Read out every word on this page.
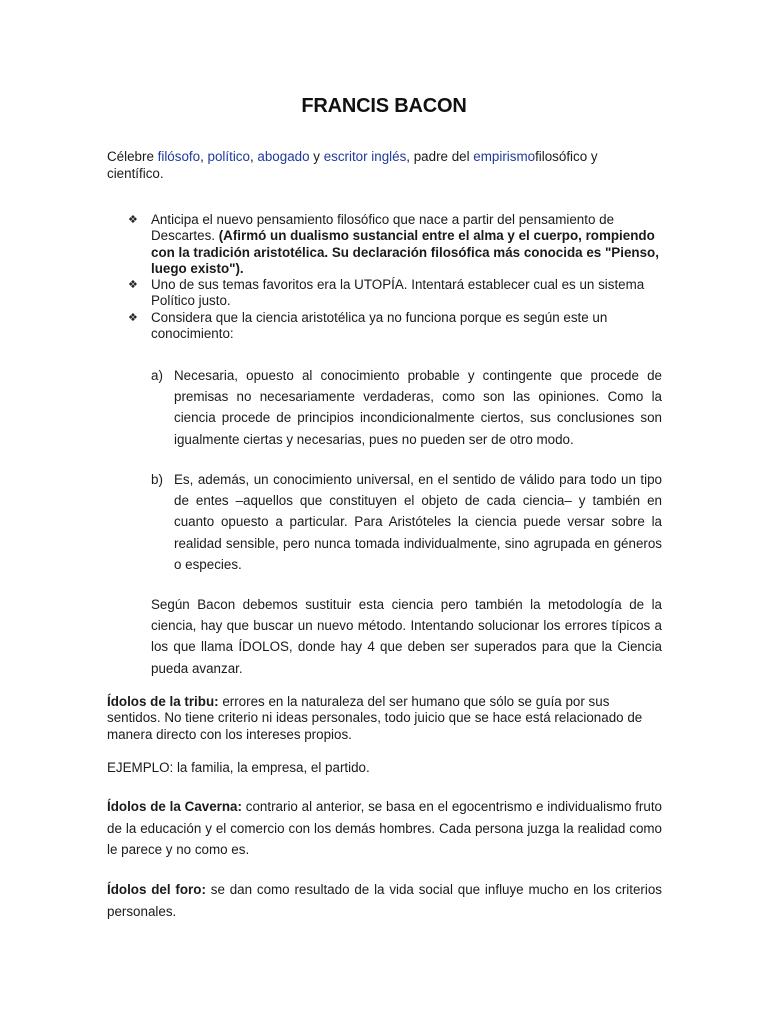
FRANCIS BACON
Célebre filósofo, político, abogado y escritor inglés, padre del empirismofilosófico y científico.
❖ Anticipa el nuevo pensamiento filosófico que nace a partir del pensamiento de Descartes. (Afirmó un dualismo sustancial entre el alma y el cuerpo, rompiendo con la tradición aristotélica. Su declaración filosófica más conocida es "Pienso, luego existo").
❖ Uno de sus temas favoritos era la UTOPÍA. Intentará establecer cual es un sistema Político justo.
❖ Considera que la ciencia aristotélica ya no funciona porque es según este un conocimiento:
a) Necesaria, opuesto al conocimiento probable y contingente que procede de premisas no necesariamente verdaderas, como son las opiniones. Como la ciencia procede de principios incondicionalmente ciertos, sus conclusiones son igualmente ciertas y necesarias, pues no pueden ser de otro modo.
b) Es, además, un conocimiento universal, en el sentido de válido para todo un tipo de entes –aquellos que constituyen el objeto de cada ciencia– y también en cuanto opuesto a particular. Para Aristóteles la ciencia puede versar sobre la realidad sensible, pero nunca tomada individualmente, sino agrupada en géneros o especies.
Según Bacon debemos sustituir esta ciencia pero también la metodología de la ciencia, hay que buscar un nuevo método. Intentando solucionar los errores típicos a los que llama ÍDOLOS, donde hay 4 que deben ser superados para que la Ciencia pueda avanzar.
Ídolos de la tribu: errores en la naturaleza del ser humano que sólo se guía por sus sentidos. No tiene criterio ni ideas personales, todo juicio que se hace está relacionado de manera directo con los intereses propios.
EJEMPLO: la familia, la empresa, el partido.
Ídolos de la Caverna: contrario al anterior, se basa en el egocentrismo e individualismo fruto de la educación y el comercio con los demás hombres. Cada persona juzga la realidad como le parece y no como es.
Ídolos del foro: se dan como resultado de la vida social que influye mucho en los criterios personales.
